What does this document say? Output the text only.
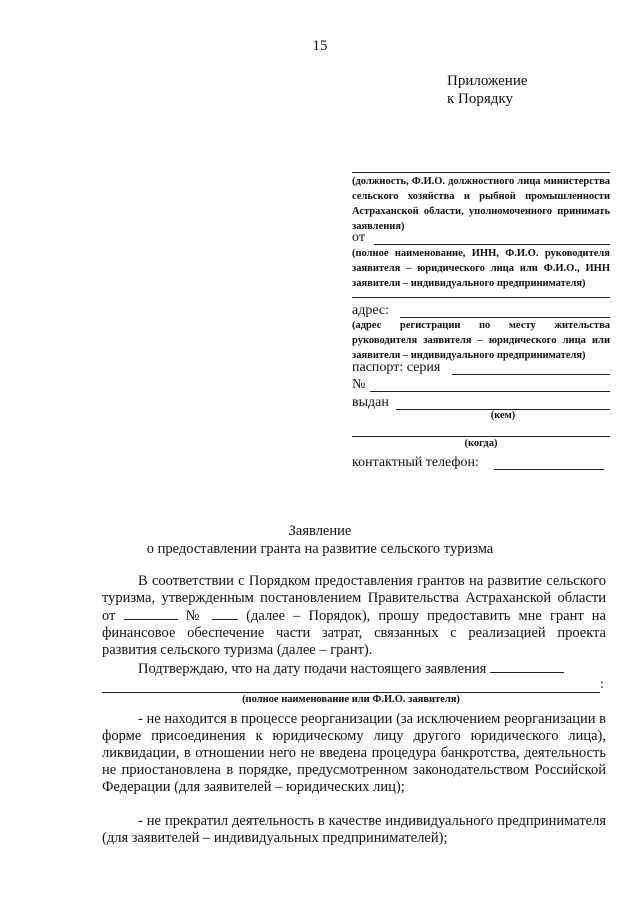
15
Приложение
к Порядку
(должность, Ф.И.О. должностного лица министерства сельского хозяйства и рыбной промышленности Астраханской области, уполномоченного принимать заявления)
от
(полное наименование, ИНН, Ф.И.О. руководителя заявителя – юридического лица или Ф.И.О., ИНН заявителя – индивидуального предпринимателя)
адрес:
(адрес регистрации по месту жительства руководителя заявителя – юридического лица или заявителя – индивидуального предпринимателя)
паспорт: серия
№
выдан
(кем)
(когда)
контактный телефон:
Заявление
о предоставлении гранта на развитие сельского туризма
В соответствии с Порядком предоставления грантов на развитие сельского туризма, утвержденным постановлением Правительства Астраханской области от	№	(далее – Порядок), прошу предоставить мне грант на финансовое обеспечение части затрат, связанных с реализацией проекта развития сельского туризма (далее – грант).
Подтверждаю, что на дату подачи настоящего заявления
:
(полное наименование или Ф.И.О. заявителя)
- не находится в процессе реорганизации (за исключением реорганизации в форме присоединения к юридическому лицу другого юридического лица), ликвидации, в отношении него не введена процедура банкротства, деятельность не приостановлена в порядке, предусмотренном законодательством Российской Федерации (для заявителей – юридических лиц);
- не прекратил деятельность в качестве индивидуального предпринимателя (для заявителей – индивидуальных предпринимателей);
